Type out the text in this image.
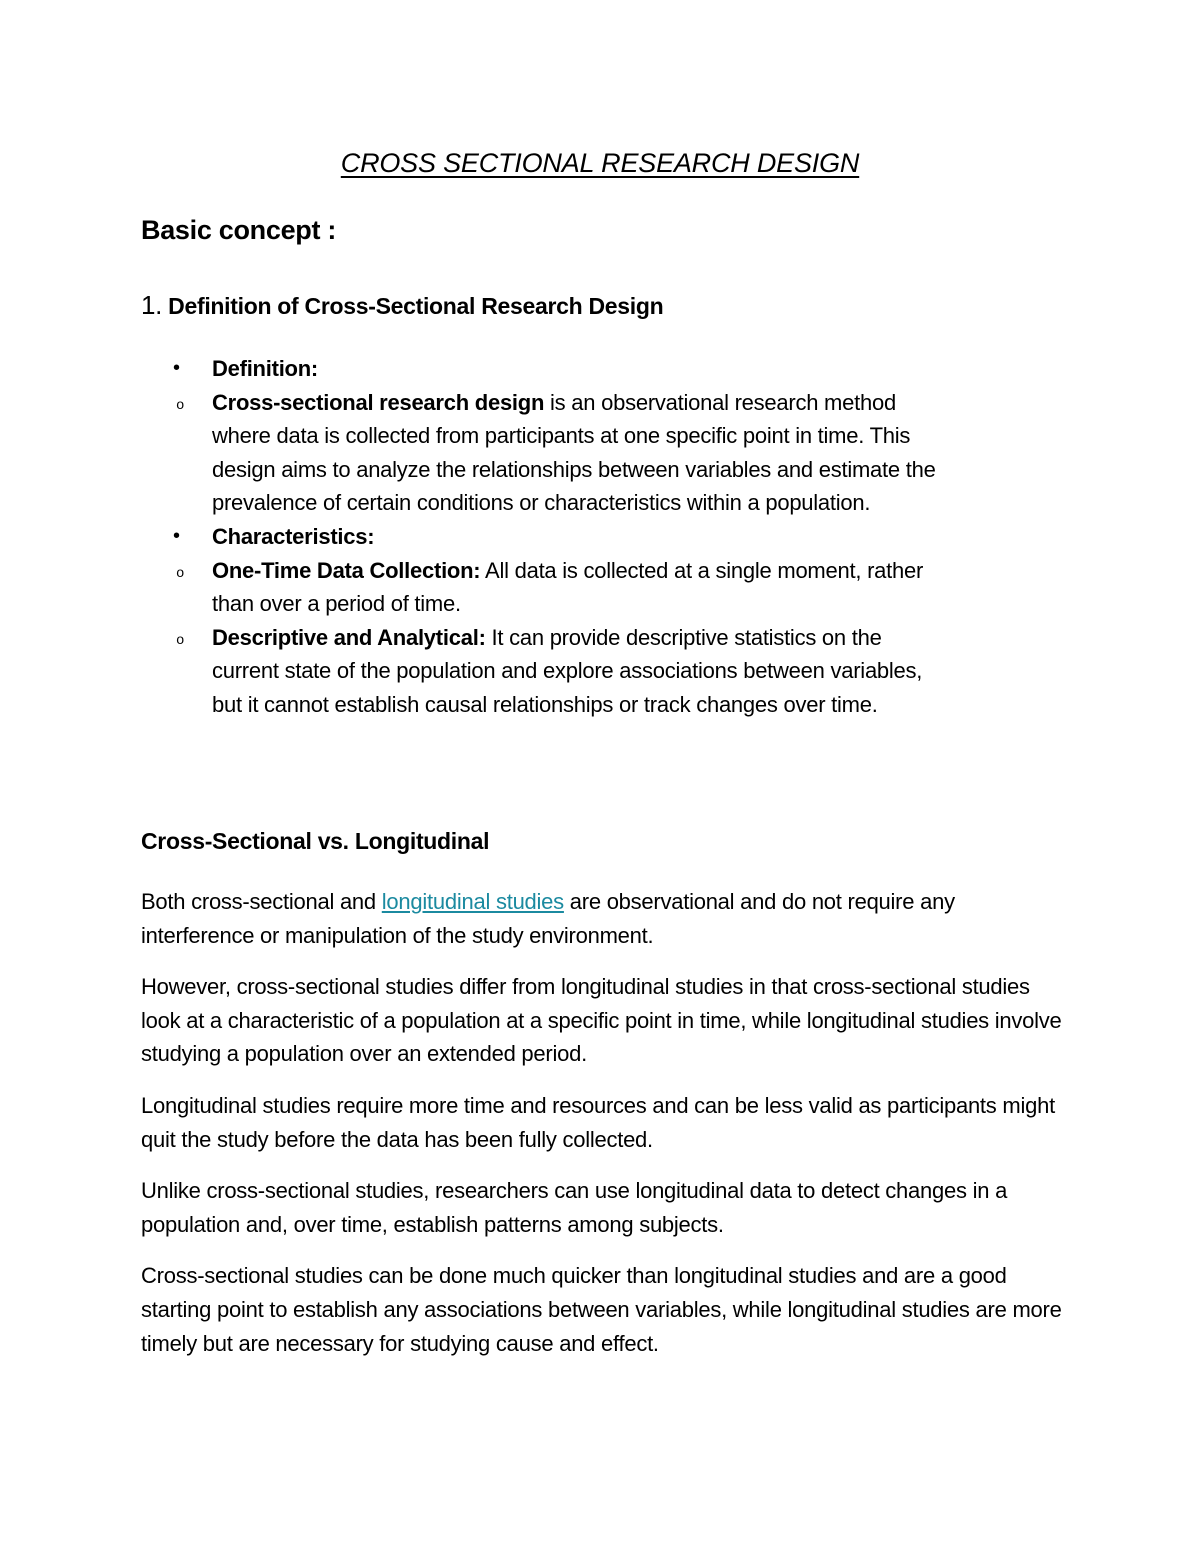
CROSS SECTIONAL RESEARCH DESIGN
Basic concept :
1. Definition of Cross-Sectional Research Design
• Definition:
o Cross-sectional research design is an observational research method where data is collected from participants at one specific point in time. This design aims to analyze the relationships between variables and estimate the prevalence of certain conditions or characteristics within a population.
• Characteristics:
o One-Time Data Collection: All data is collected at a single moment, rather than over a period of time.
o Descriptive and Analytical: It can provide descriptive statistics on the current state of the population and explore associations between variables, but it cannot establish causal relationships or track changes over time.
Cross-Sectional vs. Longitudinal

Both cross-sectional and longitudinal studies are observational and do not require any interference or manipulation of the study environment.

However, cross-sectional studies differ from longitudinal studies in that cross-sectional studies look at a characteristic of a population at a specific point in time, while longitudinal studies involve studying a population over an extended period.

Longitudinal studies require more time and resources and can be less valid as participants might quit the study before the data has been fully collected.

Unlike cross-sectional studies, researchers can use longitudinal data to detect changes in a population and, over time, establish patterns among subjects.

Cross-sectional studies can be done much quicker than longitudinal studies and are a good starting point to establish any associations between variables, while longitudinal studies are more timely but are necessary for studying cause and effect.
